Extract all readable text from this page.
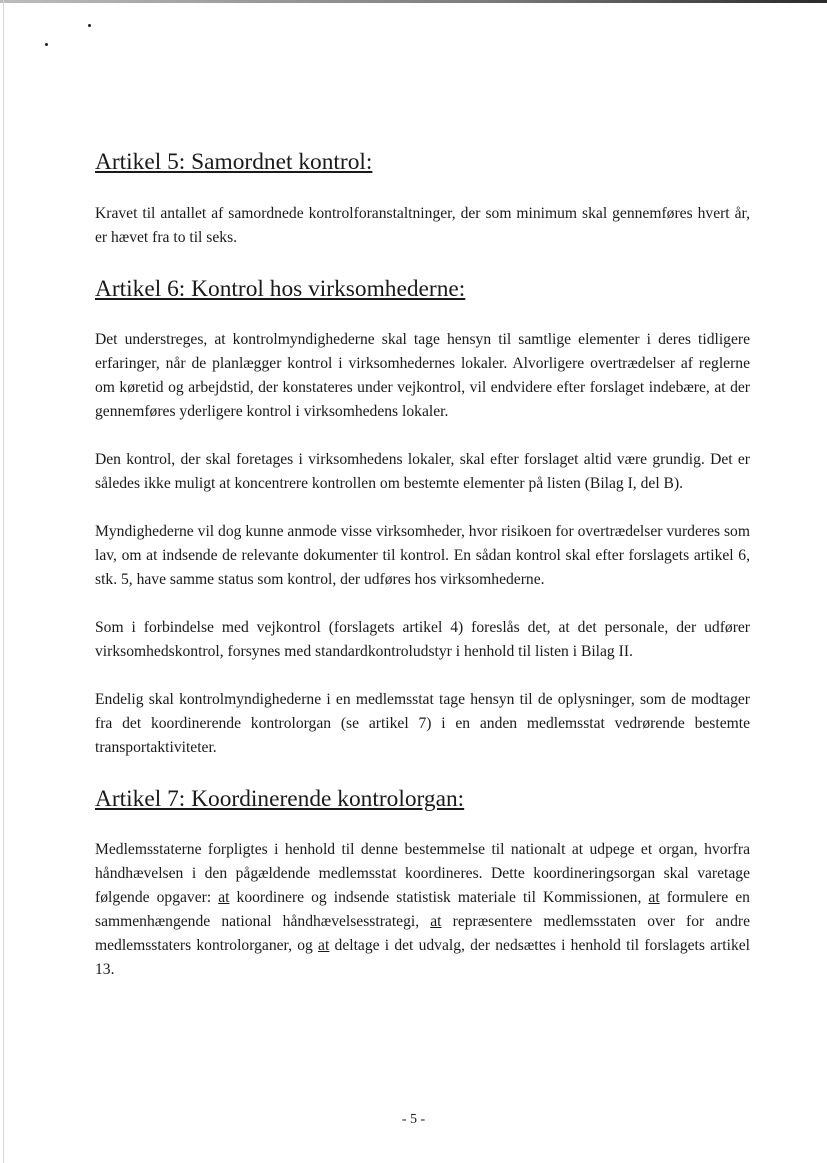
Artikel 5: Samordnet kontrol:

Kravet til antallet af samordnede kontrolforanstaltninger, der som minimum skal gennemføres hvert år, er hævet fra to til seks.

Artikel 6: Kontrol hos virksomhederne:

Det understreges, at kontrolmyndighederne skal tage hensyn til samtlige elementer i deres tidligere erfaringer, når de planlægger kontrol i virksomhedernes lokaler. Alvorligere overtrædelser af reglerne om køretid og arbejdstid, der konstateres under vejkontrol, vil endvidere efter forslaget indebære, at der gennemføres yderligere kontrol i virksomhedens lokaler.

Den kontrol, der skal foretages i virksomhedens lokaler, skal efter forslaget altid være grundig. Det er således ikke muligt at koncentrere kontrollen om bestemte elementer på listen (Bilag I, del B).

Myndighederne vil dog kunne anmode visse virksomheder, hvor risikoen for overtrædelser vurderes som lav, om at indsende de relevante dokumenter til kontrol. En sådan kontrol skal efter forslagets artikel 6, stk. 5, have samme status som kontrol, der udføres hos virksomhederne.

Som i forbindelse med vejkontrol (forslagets artikel 4) foreslås det, at det personale, der udfører virksomhedskontrol, forsynes med standardkontroludstyr i henhold til listen i Bilag II.

Endelig skal kontrolmyndighederne i en medlemsstat tage hensyn til de oplysninger, som de modtager fra det koordinerende kontrolorgan (se artikel 7) i en anden medlemsstat vedrørende bestemte transportaktiviteter.

Artikel 7: Koordinerende kontrolorgan:

Medlemsstaterne forpligtes i henhold til denne bestemmelse til nationalt at udpege et organ, hvorfra håndhævelsen i den pågældende medlemsstat koordineres. Dette koordineringsorgan skal varetage følgende opgaver: at koordinere og indsende statistisk materiale til Kommissionen, at formulere en sammenhængende national håndhævelsesstrategi, at repræsentere medlemsstaten over for andre medlemsstaters kontrolorganer, og at deltage i det udvalg, der nedsættes i henhold til forslagets artikel 13.

- 5 -
